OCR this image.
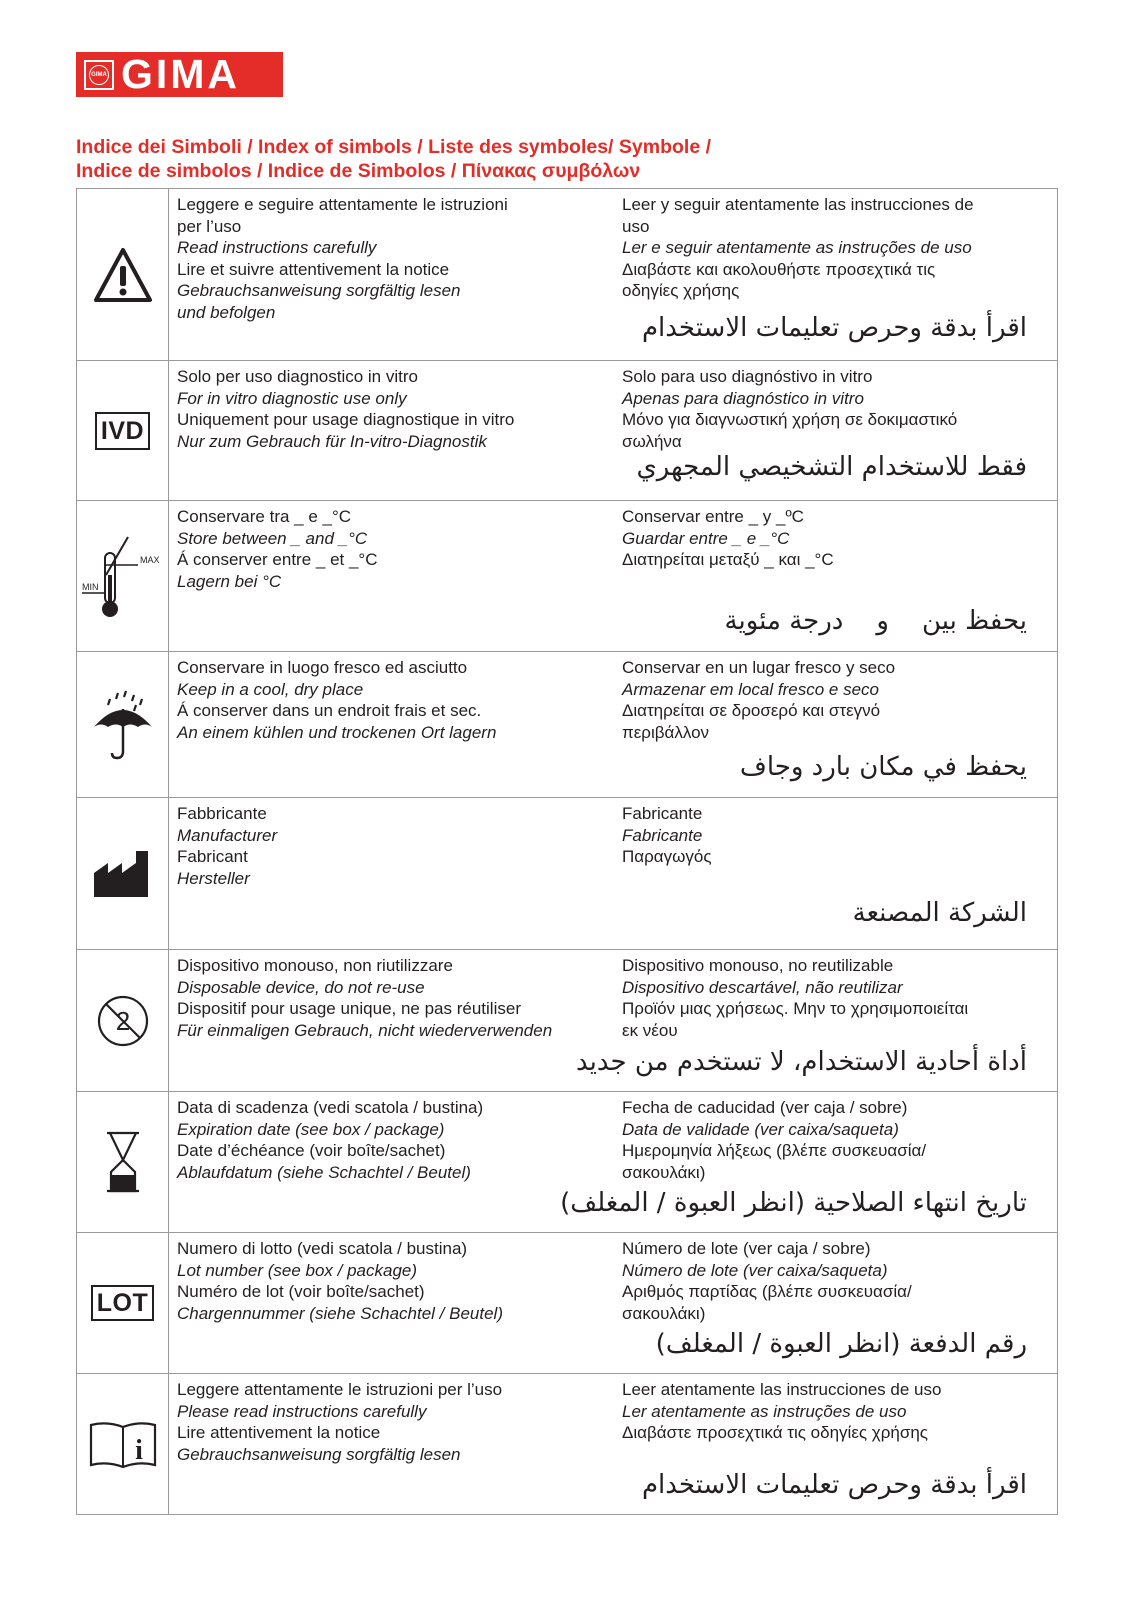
GIMA GIMA
Indice dei Simboli / Index of simbols / Liste des symboles/ Symbole /
Indice de simbolos / Indice de Simbolos / Πίνακας συμβόλων
Leggere e seguire attentamente le istruzioni
per l’uso
Read instructions carefully
Lire et suivre attentivement la notice
Gebrauchsanweisung sorgfältig lesen
und befolgen
Leer y seguir atentamente las instrucciones de
uso
Ler e seguir atentamente as instruções de uso
Διαβάστε και ακολουθήστε προσεχτικά τις
οδηγίες χρήσης
اقرأ بدقة وحرص تعليمات الاستخدام
IVD
Solo per uso diagnostico in vitro
For in vitro diagnostic use only
Uniquement pour usage diagnostique in vitro
Nur zum Gebrauch für In-vitro-Diagnostik
Solo para uso diagnóstivo in vitro
Apenas para diagnóstico in vitro
Μόνο για διαγνωστική χρήση σε δοκιμαστικό
σωλήνα
فقط للاستخدام التشخيصي المجهري
MAX
MIN
Conservare tra _ e _°C
Store between _ and _°C
Á conserver entre _ et _°C
Lagern bei °C
Conservar entre _ y _ºC
Guardar entre _ e _°C
Διατηρείται μεταξύ _ και _°C
يحفظ بين    و    درجة مئوية
Conservare in luogo fresco ed asciutto
Keep in a cool, dry place
Á conserver dans un endroit frais et sec.
An einem kühlen und trockenen Ort lagern
Conservar en un lugar fresco y seco
Armazenar em local fresco e seco
Διατηρείται σε δροσερό και στεγνό
περιβάλλον
يحفظ في مكان بارد وجاف
Fabbricante
Manufacturer
Fabricant
Hersteller
Fabricante
Fabricante
Παραγωγός
الشركة المصنعة
2
Dispositivo monouso, non riutilizzare
Disposable device, do not re-use
Dispositif pour usage unique, ne pas réutiliser
Für einmaligen Gebrauch, nicht wiederverwenden
Dispositivo monouso, no reutilizable
Dispositivo descartável, não reutilizar
Προϊόν μιας χρήσεως. Μην το χρησιμοποιείται
εκ νέου
أداة أحادية الاستخدام، لا تستخدم من جديد
Data di scadenza (vedi scatola / bustina)
Expiration date (see box / package)
Date d’échéance (voir boîte/sachet)
Ablaufdatum (siehe Schachtel / Beutel)
Fecha de caducidad (ver caja / sobre)
Data de validade (ver caixa/saqueta)
Ημερομηνία λήξεως (βλέπε συσκευασία/
σακουλάκι)
تاريخ انتهاء الصلاحية (انظر العبوة / المغلف)
LOT
Numero di lotto (vedi scatola / bustina)
Lot number (see box / package)
Numéro de lot (voir boîte/sachet)
Chargennummer (siehe Schachtel / Beutel)
Número de lote (ver caja / sobre)
Número de lote (ver caixa/saqueta)
Αριθμός παρτίδας (βλέπε συσκευασία/
σακουλάκι)
رقم الدفعة (انظر العبوة / المغلف)
i
Leggere attentamente le istruzioni per l’uso
Please read instructions carefully
Lire attentivement la notice
Gebrauchsanweisung sorgfältig lesen
Leer atentamente las instrucciones de uso
Ler atentamente as instruções de uso
Διαβάστε προσεχτικά τις οδηγίες χρήσης
اقرأ بدقة وحرص تعليمات الاستخدام
